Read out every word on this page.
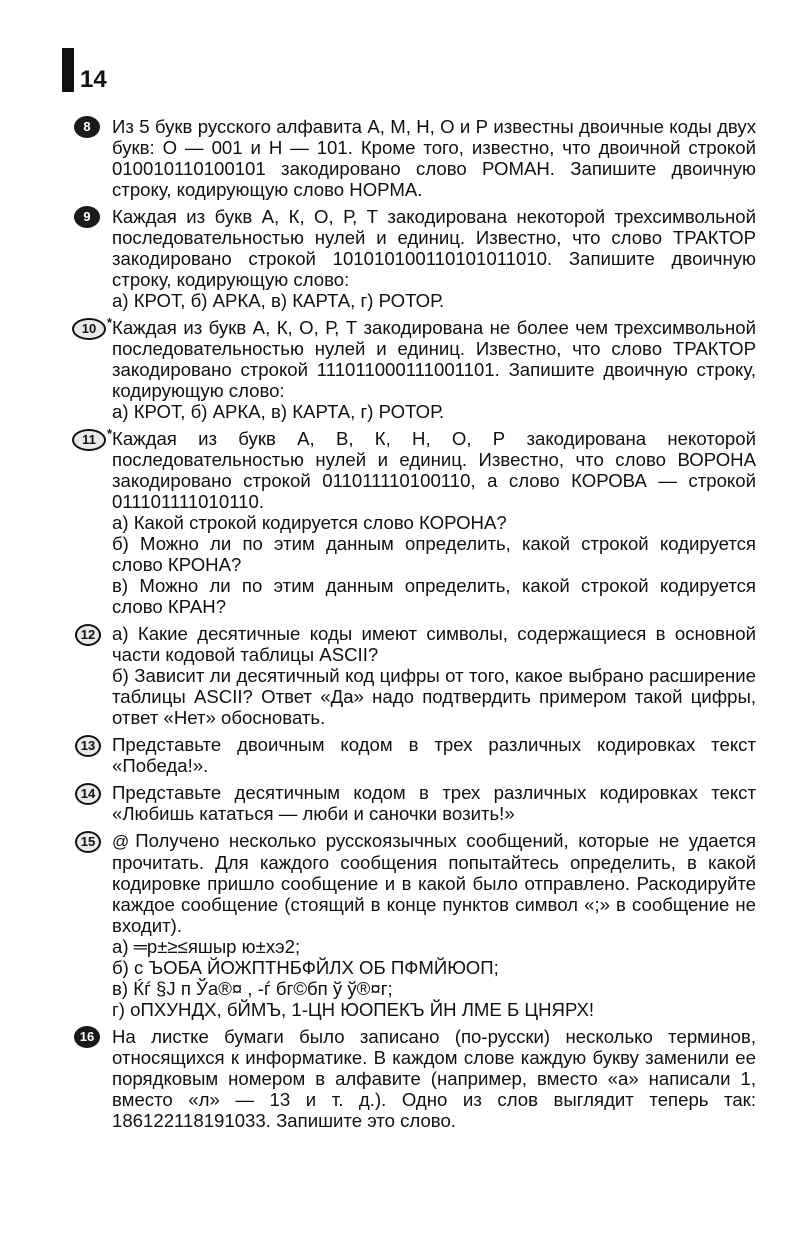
14
8	Из 5 букв русского алфавита А, М, Н, О и Р известны двоичные коды двух букв: О — 001 и Н — 101. Кроме того, известно, что двоичной строкой 010010110100101 закодировано слово РОМАН. Запишите двоичную строку, кодирующую слово НОРМА.

9	Каждая из букв А, К, О, Р, Т закодирована некоторой трехсимвольной последовательностью нулей и единиц. Известно, что слово ТРАКТОР закодировано строкой 101010100110101011010. Запишите двоичную строку, кодирующую слово:

а) КРОТ, б) АРКА, в) КАРТА, г) РОТОР.

10 * Каждая из букв А, К, О, Р, Т закодирована не более чем трехсимвольной последовательностью нулей и единиц. Известно, что слово ТРАКТОР закодировано строкой 111011000111001101. Запишите двоичную строку, кодирующую слово:

а) КРОТ, б) АРКА, в) КАРТА, г) РОТОР.

11 * Каждая из букв А, В, К, Н, О, Р закодирована некоторой последовательностью нулей и единиц. Известно, что слово ВОРОНА закодировано строкой 011011110100110, а слово КОРОВА — строкой 011101111010110.

а) Какой строкой кодируется слово КОРОНА?

б) Можно ли по этим данным определить, какой строкой кодируется слово КРОНА?

в) Можно ли по этим данным определить, какой строкой кодируется слово КРАН?

12 а) Какие десятичные коды имеют символы, содержащиеся в основной части кодовой таблицы ASCII?

б) Зависит ли десятичный код цифры от того, какое выбрано расширение таблицы ASCII? Ответ «Да» надо подтвердить примером такой цифры, ответ «Нет» обосновать.

13 Представьте двоичным кодом в трех различных кодировках текст «Победа!».

14 Представьте десятичным кодом в трех различных кодировках текст «Любишь кататься — люби и саночки возить!»

15 @ Получено несколько русскоязычных сообщений, которые не удается прочитать. Для каждого сообщения попытайтесь определить, в какой кодировке пришло сообщение и в какой было отправлено. Раскодируйте каждое сообщение (стоящий в конце пунктов символ «;» в сообщение не входит).

а) ═р±≥≤яшыр ю±хэ2;

б) с ЪОБА ЙОЖПТНБФЙЛХ ОБ ПФМЙЮОП;

в) Ќѓ §Ј п Ўа®¤ , -ѓ бг©бп ў ў®¤г;

г) оПХУНДХ, бЙМЪ, 1-ЦН ЮОПЕКЪ ЙН ЛМЕ Б ЦНЯРХ!

16 На листке бумаги было записано (по-русски) несколько терминов, относящихся к информатике. В каждом слове каждую букву заменили ее порядковым номером в алфавите (например, вместо «а» написали 1, вместо «л» — 13 и т. д.). Одно из слов выглядит теперь так: 186122118191033. Запишите это слово.
